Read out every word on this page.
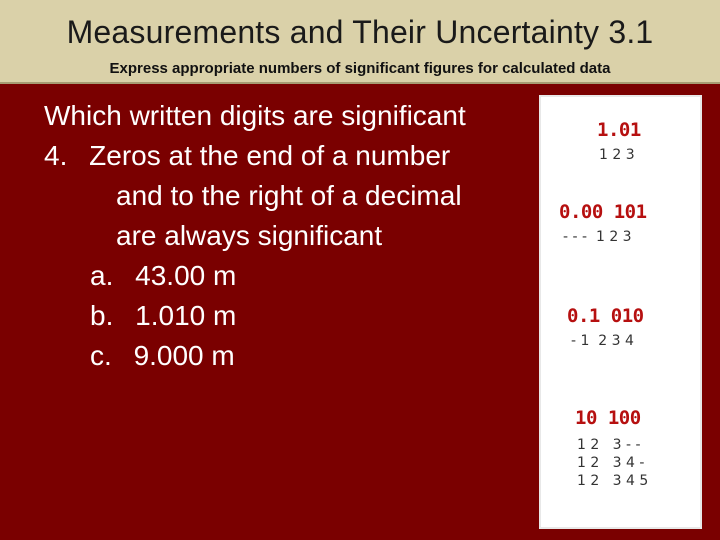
Measurements and Their Uncertainty 3.1
Express appropriate numbers of significant figures for calculated data
Which written digits are significant
4. Zeros at the end of a number
and to the right of a decimal
are always significant
a. 43.00 m
b. 1.010 m
c. 9.000 m
1.01
1 2 3
0.00 101
- - -  1 2 3
0.1 010
- 1  2 3 4
10 100
1 2   3 - -
1 2   3 4 -
1 2   3 4 5
